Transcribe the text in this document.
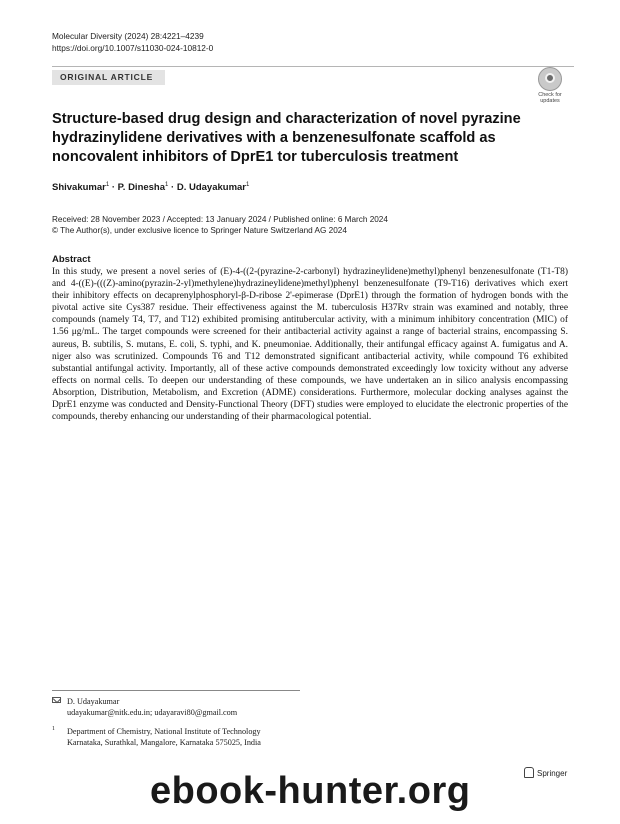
Molecular Diversity (2024) 28:4221–4239
https://doi.org/10.1007/s11030-024-10812-0
ORIGINAL ARTICLE
Check for updates
Structure-based drug design and characterization of novel pyrazine hydrazinylidene derivatives with a benzenesulfonate scaffold as noncovalent inhibitors of DprE1 tor tuberculosis treatment
Shivakumar$^1$ · P. Dinesha$^1$ · D. Udayakumar$^1$
Received: 28 November 2023 / Accepted: 13 January 2024 / Published online: 6 March 2024
© The Author(s), under exclusive licence to Springer Nature Switzerland AG 2024
Abstract

In this study, we present a novel series of (E)-4-((2-(pyrazine-2-carbonyl) hydrazineylidene)methyl)phenyl benzenesulfonate (T1-T8) and 4-((E)-(((Z)-amino(pyrazin-2-yl)methylene)hydrazineylidene)methyl)phenyl benzenesulfonate (T9-T16) derivatives which exert their inhibitory effects on decaprenylphosphoryl-β-D-ribose 2'-epimerase (DprE1) through the formation of hydrogen bonds with the pivotal active site Cys387 residue. Their effectiveness against the M. tuberculosis H37Rv strain was examined and notably, three compounds (namely T4, T7, and T12) exhibited promising antitubercular activity, with a minimum inhibitory concentration (MIC) of 1.56 μg/mL. The target compounds were screened for their antibacterial activity against a range of bacterial strains, encompassing S. aureus, B. subtilis, S. mutans, E. coli, S. typhi, and K. pneumoniae. Additionally, their antifungal efficacy against A. fumigatus and A. niger also was scrutinized. Compounds T6 and T12 demonstrated significant antibacterial activity, while compound T6 exhibited substantial antifungal activity. Importantly, all of these active compounds demonstrated exceedingly low toxicity without any adverse effects on normal cells. To deepen our understanding of these compounds, we have undertaken an in silico analysis encompassing Absorption, Distribution, Metabolism, and Excretion (ADME) considerations. Furthermore, molecular docking analyses against the DprE1 enzyme was conducted and Density-Functional Theory (DFT) studies were employed to elucidate the electronic properties of the compounds, thereby enhancing our understanding of their pharmacological potential.

D. Udayakumar
udayakumar@nitk.edu.in; udayaravi80@gmail.com
1 Department of Chemistry, National Institute of Technology
Karnataka, Surathkal, Mangalore, Karnataka 575025, India
Springer
ebook-hunter.org
